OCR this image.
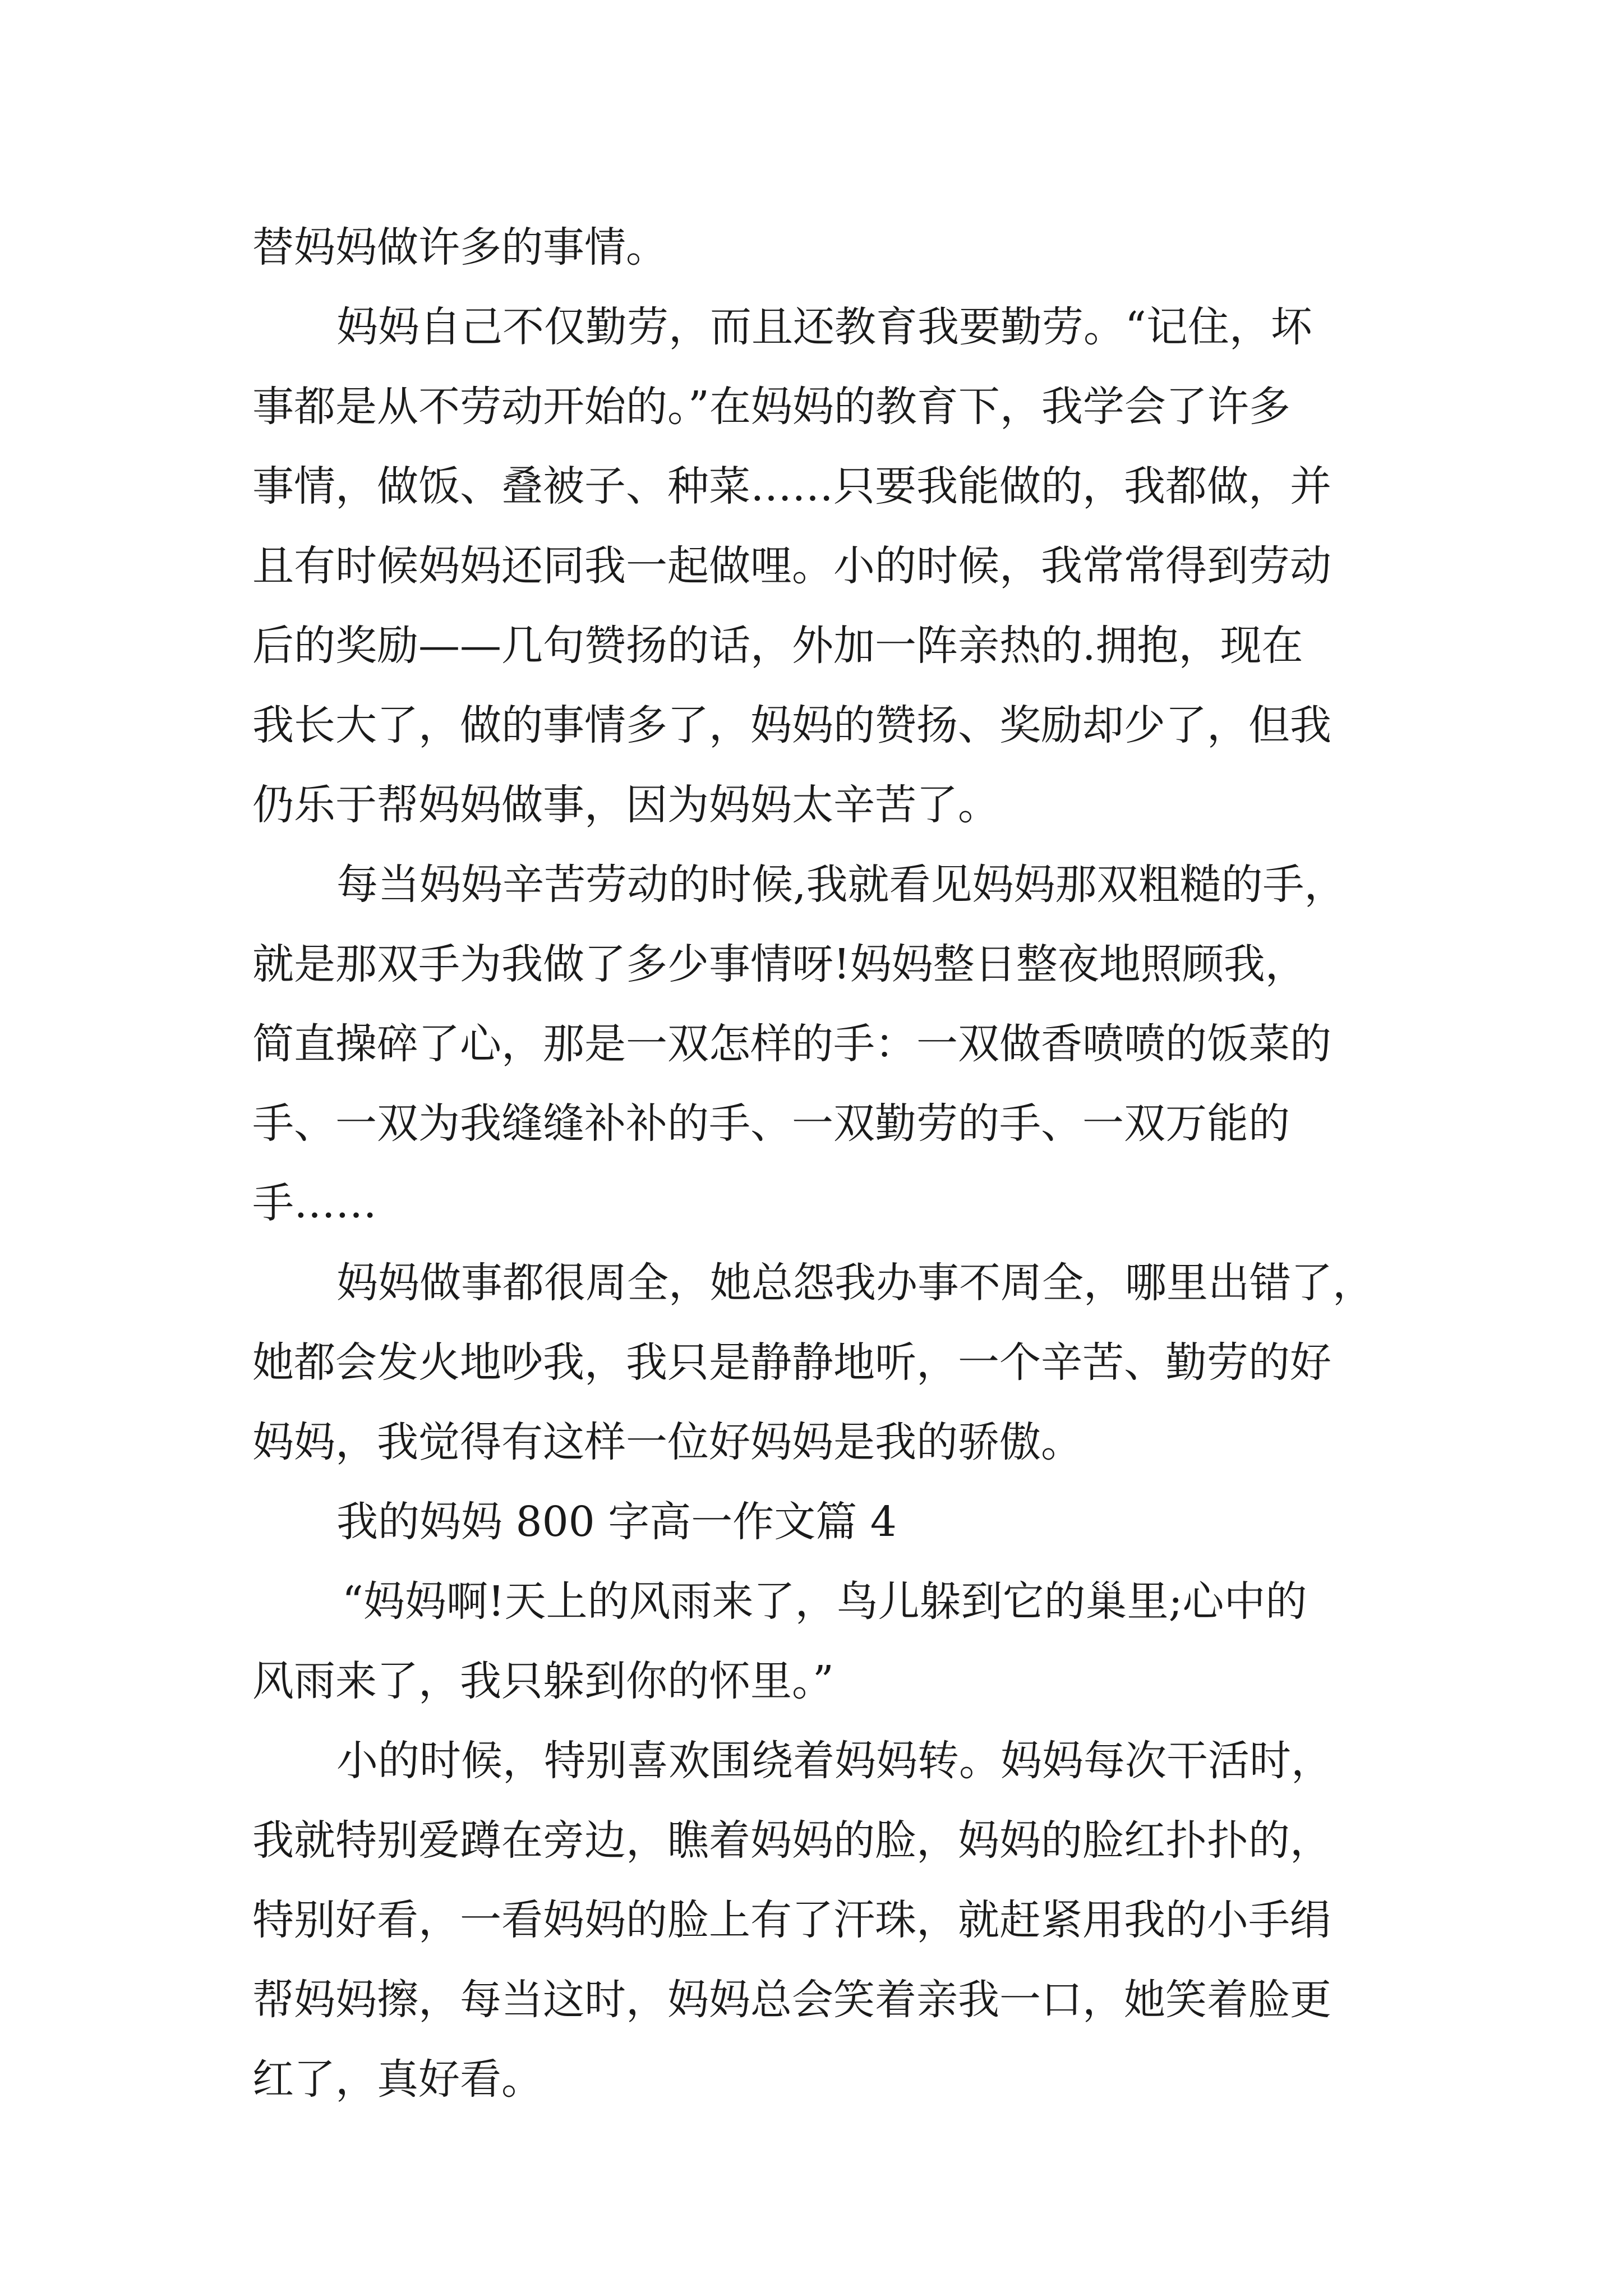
替妈妈做许多的事情。

妈妈自己不仅勤劳，而且还教育我要勤劳。“记住，坏

事都是从不劳动开始的。”在妈妈的教育下，我学会了许多

事情，做饭、叠被子、种菜……只要我能做的，我都做，并

且有时候妈妈还同我一起做哩。小的时候，我常常得到劳动

后的奖励——几句赞扬的话，外加一阵亲热的.拥抱，现在

我长大了，做的事情多了，妈妈的赞扬、奖励却少了，但我

仍乐于帮妈妈做事，因为妈妈太辛苦了。

每当妈妈辛苦劳动的时候,我就看见妈妈那双粗糙的手，

就是那双手为我做了多少事情呀!妈妈整日整夜地照顾我，

简直操碎了心，那是一双怎样的手：一双做香喷喷的饭菜的

手、一双为我缝缝补补的手、一双勤劳的手、一双万能的

手……

妈妈做事都很周全，她总怨我办事不周全，哪里出错了，

她都会发火地吵我，我只是静静地听，一个辛苦、勤劳的好

妈妈，我觉得有这样一位好妈妈是我的骄傲。

我的妈妈 800 字高一作文篇 4

“妈妈啊!天上的风雨来了，鸟儿躲到它的巢里;心中的

风雨来了，我只躲到你的怀里。”

小的时候，特别喜欢围绕着妈妈转。妈妈每次干活时，

我就特别爱蹲在旁边，瞧着妈妈的脸，妈妈的脸红扑扑的，

特别好看，一看妈妈的脸上有了汗珠，就赶紧用我的小手绢

帮妈妈擦，每当这时，妈妈总会笑着亲我一口，她笑着脸更

红了，真好看。
